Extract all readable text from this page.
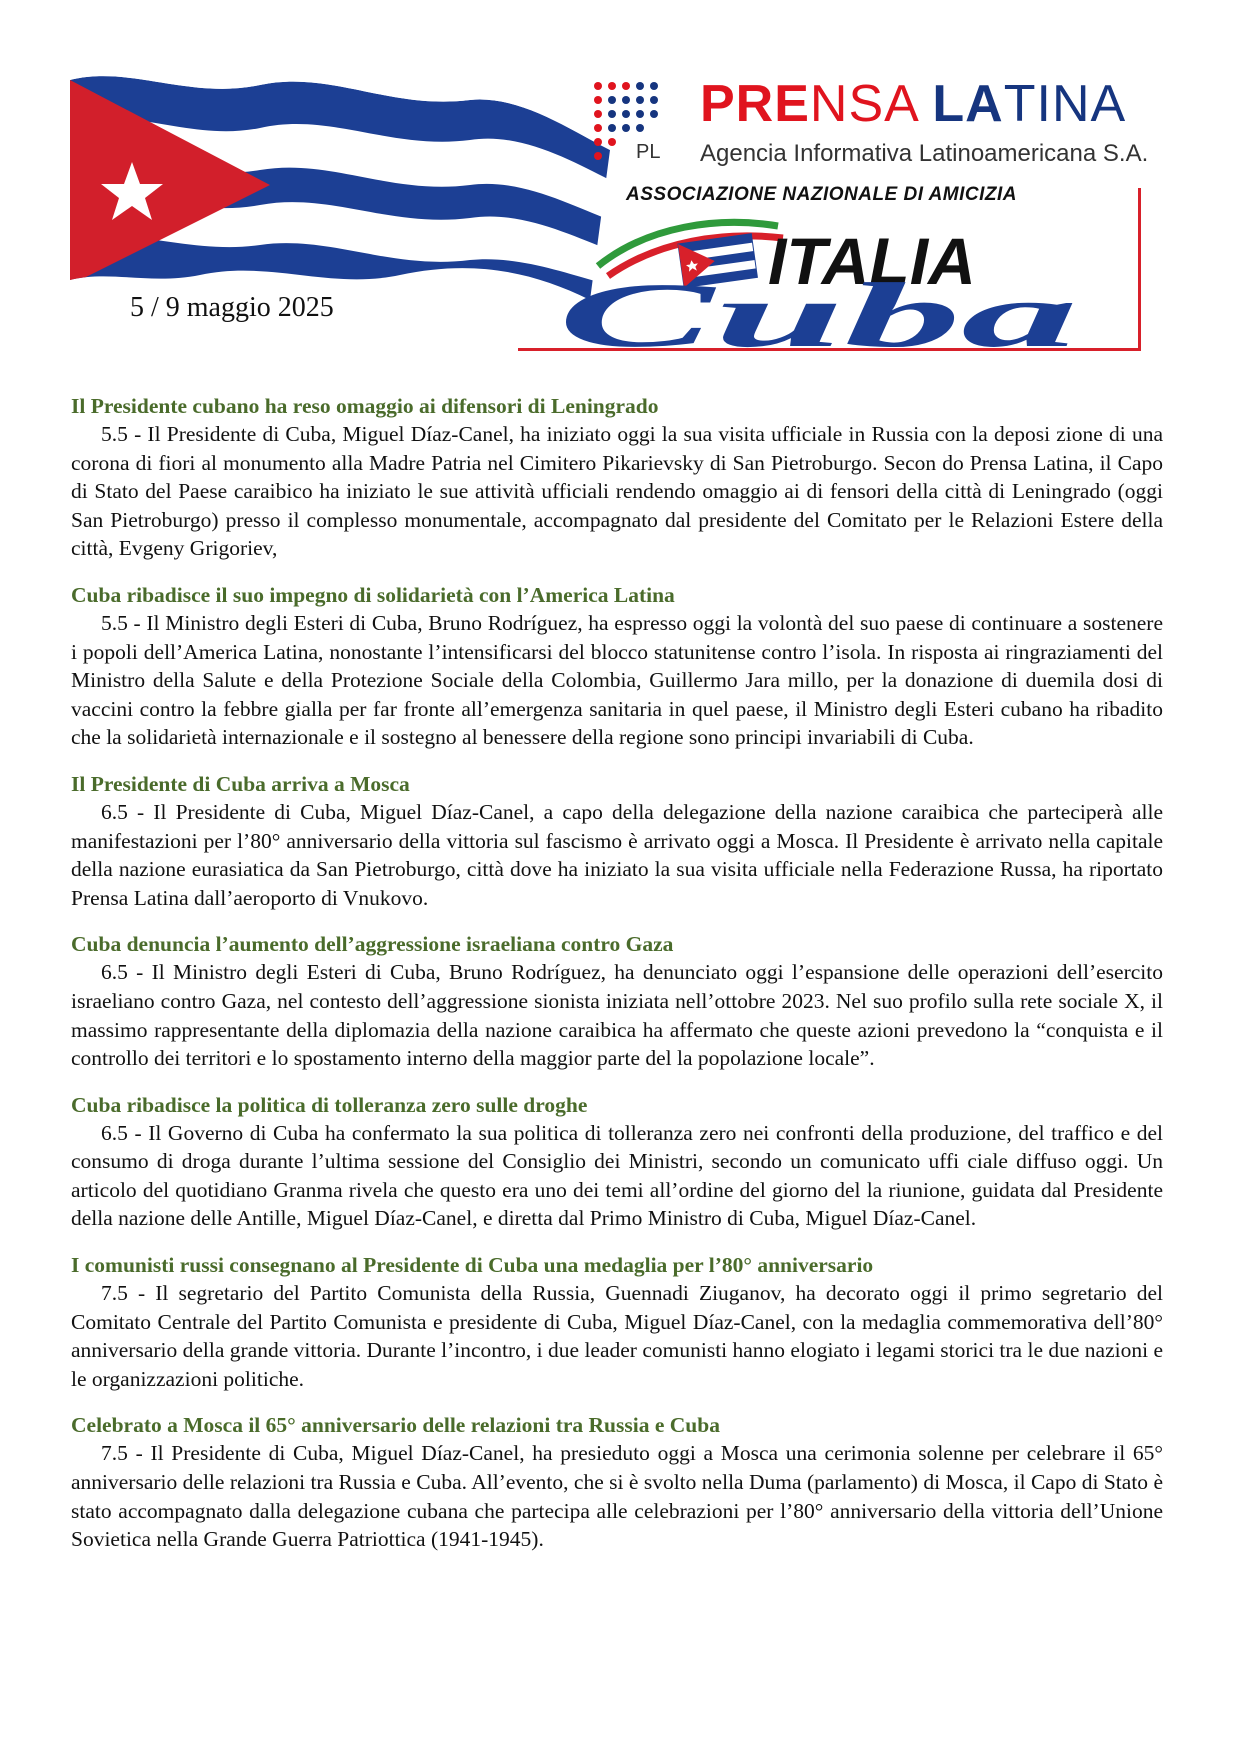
5 / 9 maggio 2025
PL
PRENSA LATINA
Agencia Informativa Latinoamericana S.A.
ASSOCIAZIONE NAZIONALE DI AMICIZIA
ITALIA
Cuba
Il Presidente cubano ha reso omaggio ai difensori di Leningrado
5.5 - Il Presidente di Cuba, Miguel Díaz-Canel, ha iniziato oggi la sua visita ufficiale in Russia con la deposi zione di una corona di fiori al monumento alla Madre Patria nel Cimitero Pikarievsky di San Pietroburgo. Secon do Prensa Latina, il Capo di Stato del Paese caraibico ha iniziato le sue attività ufficiali rendendo omaggio ai di fensori della città di Leningrado (oggi San Pietroburgo) presso il complesso monumentale, accompagnato dal presidente del Comitato per le Relazioni Estere della città, Evgeny Grigoriev,
Cuba ribadisce il suo impegno di solidarietà con l’America Latina
5.5 - Il Ministro degli Esteri di Cuba, Bruno Rodríguez, ha espresso oggi la volontà del suo paese di continuare a sostenere i popoli dell’America Latina, nonostante l’intensificarsi del blocco statunitense contro l’isola. In risposta ai ringraziamenti del Ministro della Salute e della Protezione Sociale della Colombia, Guillermo Jara millo, per la donazione di duemila dosi di vaccini contro la febbre gialla per far fronte all’emergenza sanitaria in quel paese, il Ministro degli Esteri cubano ha ribadito che la solidarietà internazionale e il sostegno al benessere della regione sono principi invariabili di Cuba.
Il Presidente di Cuba arriva a Mosca
6.5 - Il Presidente di Cuba, Miguel Díaz-Canel, a capo della delegazione della nazione caraibica che parteciperà alle manifestazioni per l’80° anniversario della vittoria sul fascismo è arrivato oggi a Mosca. Il Presidente è arrivato nella capitale della nazione eurasiatica da San Pietroburgo, città dove ha iniziato la sua visita ufficiale nella Federazione Russa, ha riportato Prensa Latina dall’aeroporto di Vnukovo.
Cuba denuncia l’aumento dell’aggressione israeliana contro Gaza
6.5 - Il Ministro degli Esteri di Cuba, Bruno Rodríguez, ha denunciato oggi l’espansione delle operazioni dell’esercito israeliano contro Gaza, nel contesto dell’aggressione sionista iniziata nell’ottobre 2023. Nel suo profilo sulla rete sociale X, il massimo rappresentante della diplomazia della nazione caraibica ha affermato che queste azioni prevedono la “conquista e il controllo dei territori e lo spostamento interno della maggior parte del la popolazione locale”.
Cuba ribadisce la politica di tolleranza zero sulle droghe
6.5 - Il Governo di Cuba ha confermato la sua politica di tolleranza zero nei confronti della produzione, del traffico e del consumo di droga durante l’ultima sessione del Consiglio dei Ministri, secondo un comunicato uffi ciale diffuso oggi. Un articolo del quotidiano Granma rivela che questo era uno dei temi all’ordine del giorno del la riunione, guidata dal Presidente della nazione delle Antille, Miguel Díaz-Canel, e diretta dal Primo Ministro di Cuba, Miguel Díaz-Canel.
I comunisti russi consegnano al Presidente di Cuba una medaglia per l’80° anniversario
7.5 - Il segretario del Partito Comunista della Russia, Guennadi Ziuganov, ha decorato oggi il primo segretario del Comitato Centrale del Partito Comunista e presidente di Cuba, Miguel Díaz-Canel, con la medaglia commemorativa dell’80° anniversario della grande vittoria. Durante l’incontro, i due leader comunisti hanno elogiato i legami storici tra le due nazioni e le organizzazioni politiche.
Celebrato a Mosca il 65° anniversario delle relazioni tra Russia e Cuba
7.5 - Il Presidente di Cuba, Miguel Díaz-Canel, ha presieduto oggi a Mosca una cerimonia solenne per celebrare il 65° anniversario delle relazioni tra Russia e Cuba. All’evento, che si è svolto nella Duma (parlamento) di Mosca, il Capo di Stato è stato accompagnato dalla delegazione cubana che partecipa alle celebrazioni per l’80° anniversario della vittoria dell’Unione Sovietica nella Grande Guerra Patriottica (1941-1945).
